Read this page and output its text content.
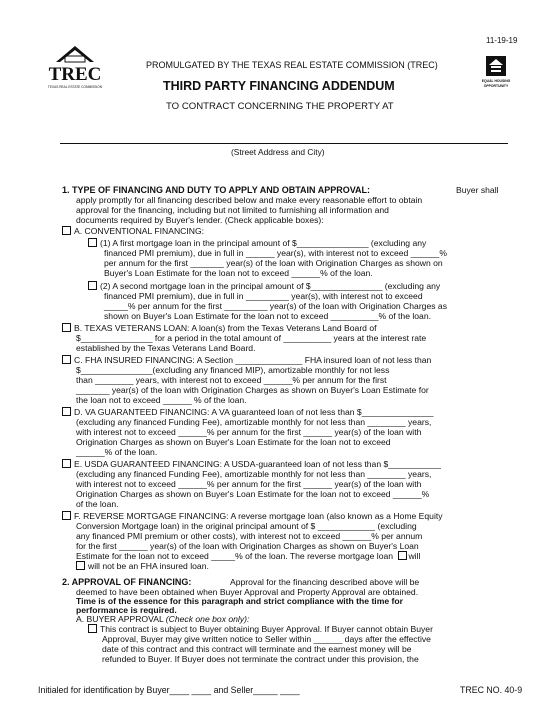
11-19-19
TREC
TEXAS REAL ESTATE COMMISSION
PROMULGATED BY THE TEXAS REAL ESTATE COMMISSION (TREC)
THIRD PARTY FINANCING ADDENDUM
TO CONTRACT CONCERNING THE PROPERTY AT
EQUAL HOUSING
OPPORTUNITY
(Street Address and City)
1. TYPE OF FINANCING AND DUTY TO APPLY AND OBTAIN APPROVAL:	Buyer shall
apply promptly for all financing described below and make every reasonable effort to obtain
approval for the financing, including but not limited to furnishing all information and
documents required by Buyer's lender. (Check applicable boxes):
A. CONVENTIONAL FINANCING:
(1) A first mortgage loan in the principal amount of $_______________ (excluding any
financed PMI premium), due in full in ______ year(s), with interest not to exceed ______%
per annum for the first _______ year(s) of the loan with Origination Charges as shown on
Buyer's Loan Estimate for the loan not to exceed ______% of the loan.
(2) A second mortgage loan in the principal amount of $_______________ (excluding any
financed PMI premium), due in full in _________ year(s), with interest not to exceed
_____% per annum for the first _________ year(s) of the loan with Origination Charges as
shown on Buyer's Loan Estimate for the loan not to exceed __________% of the loan.
B. TEXAS VETERANS LOAN: A loan(s) from the Texas Veterans Land Board of
$_______________ for a period in the total amount of __________ years at the interest rate
established by the Texas Veterans Land Board.
C. FHA INSURED FINANCING: A Section ______________ FHA insured loan of not less than
$_______________(excluding any financed MIP), amortizable monthly for not less
than ________ years, with interest not to exceed ______% per annum for the first
_______ year(s) of the loan with Origination Charges as shown on Buyer's Loan Estimate for
the loan not to exceed ______ % of the loan.
D. VA GUARANTEED FINANCING: A VA guaranteed loan of not less than $_______________
(excluding any financed Funding Fee), amortizable monthly for not less than ________ years,
with interest not to exceed ______% per annum for the first ______ year(s) of the loan with
Origination Charges as shown on Buyer's Loan Estimate for the loan not to exceed
______% of the loan.
E. USDA GUARANTEED FINANCING: A USDA-guaranteed loan of not less than $___________
(excluding any financed Funding Fee), amortizable monthly for not less than ________ years,
with interest not to exceed ______% per annum for the first ______ year(s) of the loan with
Origination Charges as shown on Buyer's Loan Estimate for the loan not to exceed ______%
of the loan.
F. REVERSE MORTGAGE FINANCING: A reverse mortgage loan (also known as a Home Equity
Conversion Mortgage loan) in the original principal amount of $ ____________ (excluding
any financed PMI premium or other costs), with interest not to exceed ______% per annum
for the first ______ year(s) of the loan with Origination Charges as shown on Buyer's Loan
Estimate for the loan not to exceed _____% of the loan. The reverse mortgage loan will
will not be an FHA insured loan.
2. APPROVAL OF FINANCING:	Approval for the financing described above will be
deemed to have been obtained when Buyer Approval and Property Approval are obtained.
Time is of the essence for this paragraph and strict compliance with the time for
performance is required.
A. BUYER APPROVAL (Check one box only):
This contract is subject to Buyer obtaining Buyer Approval. If Buyer cannot obtain Buyer
Approval, Buyer may give written notice to Seller within ______ days after the effective
date of this contract and this contract will terminate and the earnest money will be
refunded to Buyer. If Buyer does not terminate the contract under this provision, the
Initialed for identification by Buyer____ ____ and Seller_____ ____	TREC NO. 40-9
